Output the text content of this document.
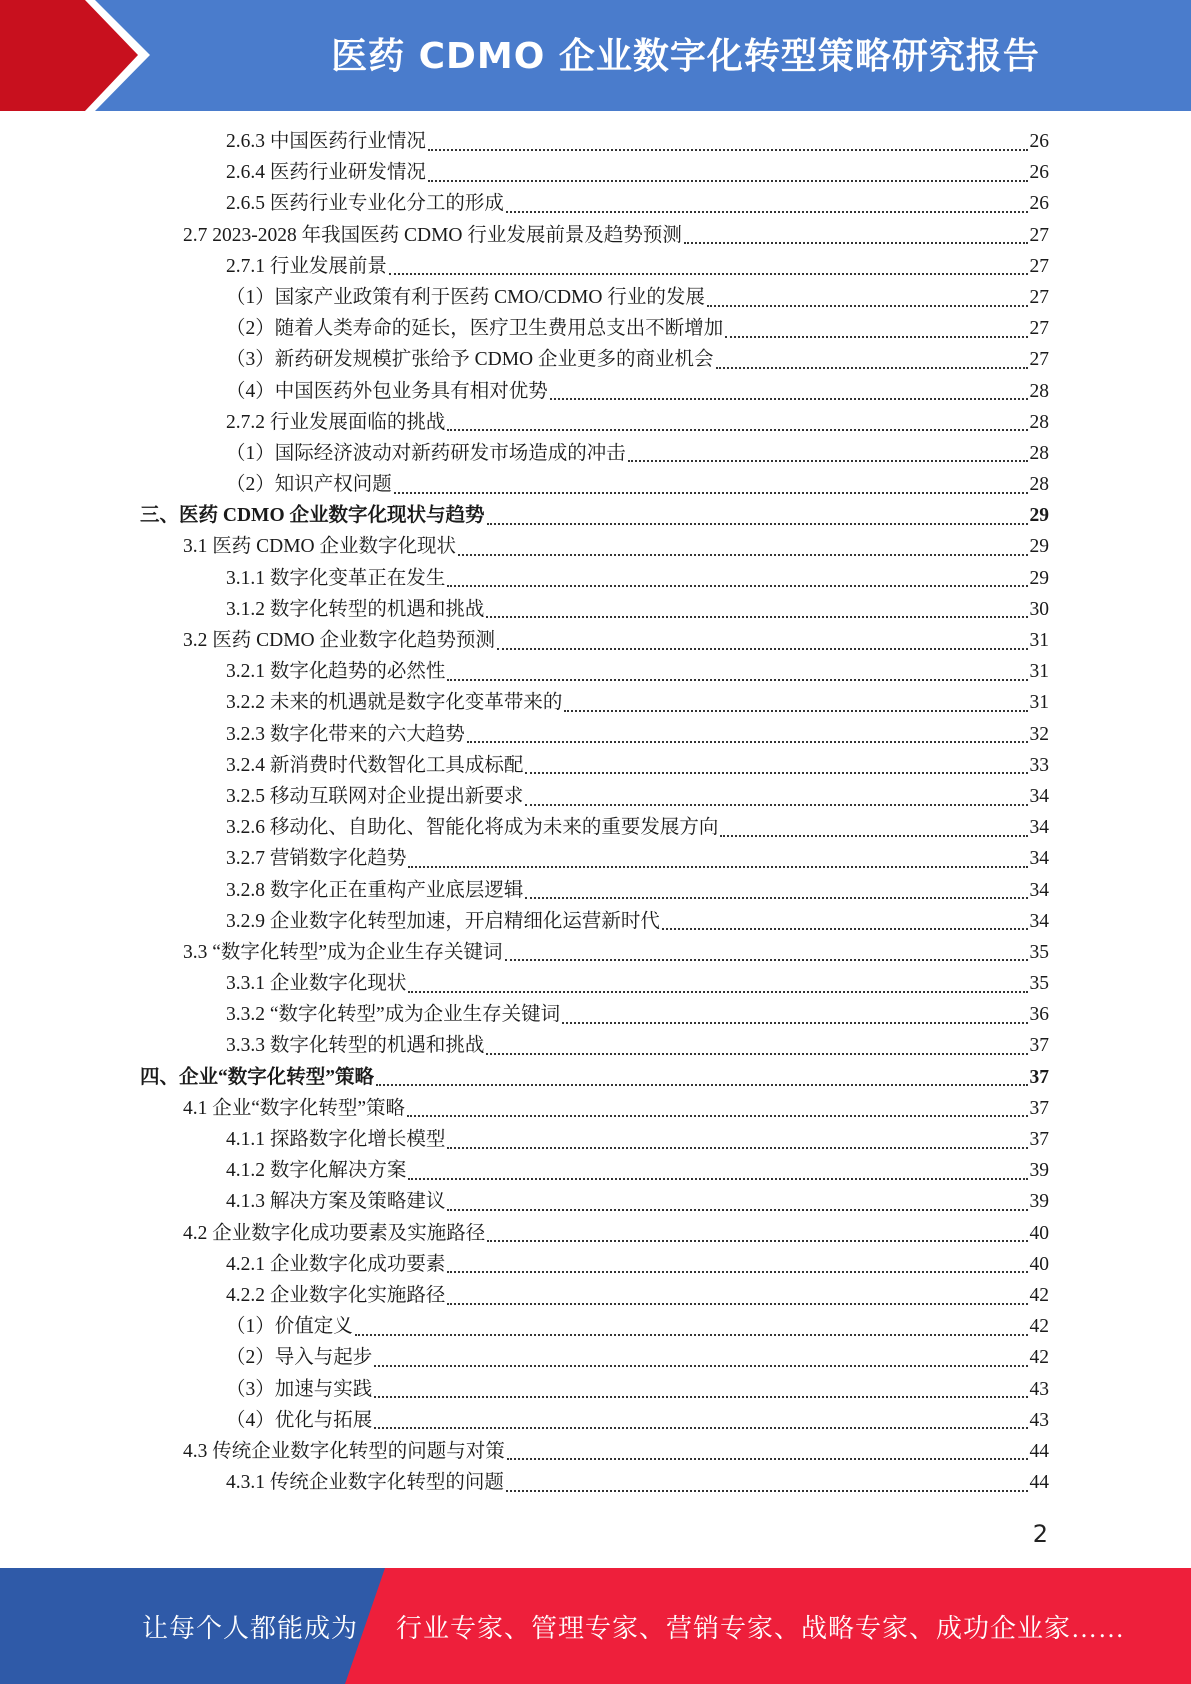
医药 CDMO 企业数字化转型策略研究报告
2.6.3 中国医药行业情况	26
2.6.4 医药行业研发情况	26
2.6.5 医药行业专业化分工的形成	26
2.7 2023-2028 年我国医药 CDMO 行业发展前景及趋势预测	27
2.7.1 行业发展前景	27
（1）国家产业政策有利于医药 CMO/CDMO 行业的发展	27
（2）随着人类寿命的延长，医疗卫生费用总支出不断增加	27
（3）新药研发规模扩张给予 CDMO 企业更多的商业机会	27
（4）中国医药外包业务具有相对优势	28
2.7.2 行业发展面临的挑战	28
（1）国际经济波动对新药研发市场造成的冲击	28
（2）知识产权问题	28
三、医药 CDMO 企业数字化现状与趋势	29
3.1 医药 CDMO 企业数字化现状	29
3.1.1 数字化变革正在发生	29
3.1.2 数字化转型的机遇和挑战	30
3.2 医药 CDMO 企业数字化趋势预测	31
3.2.1 数字化趋势的必然性	31
3.2.2 未来的机遇就是数字化变革带来的	31
3.2.3 数字化带来的六大趋势	32
3.2.4 新消费时代数智化工具成标配	33
3.2.5 移动互联网对企业提出新要求	34
3.2.6 移动化、自助化、智能化将成为未来的重要发展方向	34
3.2.7 营销数字化趋势	34
3.2.8 数字化正在重构产业底层逻辑	34
3.2.9 企业数字化转型加速，开启精细化运营新时代	34
3.3 “数字化转型”成为企业生存关键词	35
3.3.1 企业数字化现状	35
3.3.2 “数字化转型”成为企业生存关键词	36
3.3.3 数字化转型的机遇和挑战	37
四、企业“数字化转型”策略	37
4.1 企业“数字化转型”策略	37
4.1.1 探路数字化增长模型	37
4.1.2 数字化解决方案	39
4.1.3 解决方案及策略建议	39
4.2 企业数字化成功要素及实施路径	40
4.2.1 企业数字化成功要素	40
4.2.2 企业数字化实施路径	42
（1）价值定义	42
（2）导入与起步	42
（3）加速与实践	43
（4）优化与拓展	43
4.3 传统企业数字化转型的问题与对策	44
4.3.1 传统企业数字化转型的问题	44
2
让每个人都能成为 行业专家、管理专家、营销专家、战略专家、成功企业家……
